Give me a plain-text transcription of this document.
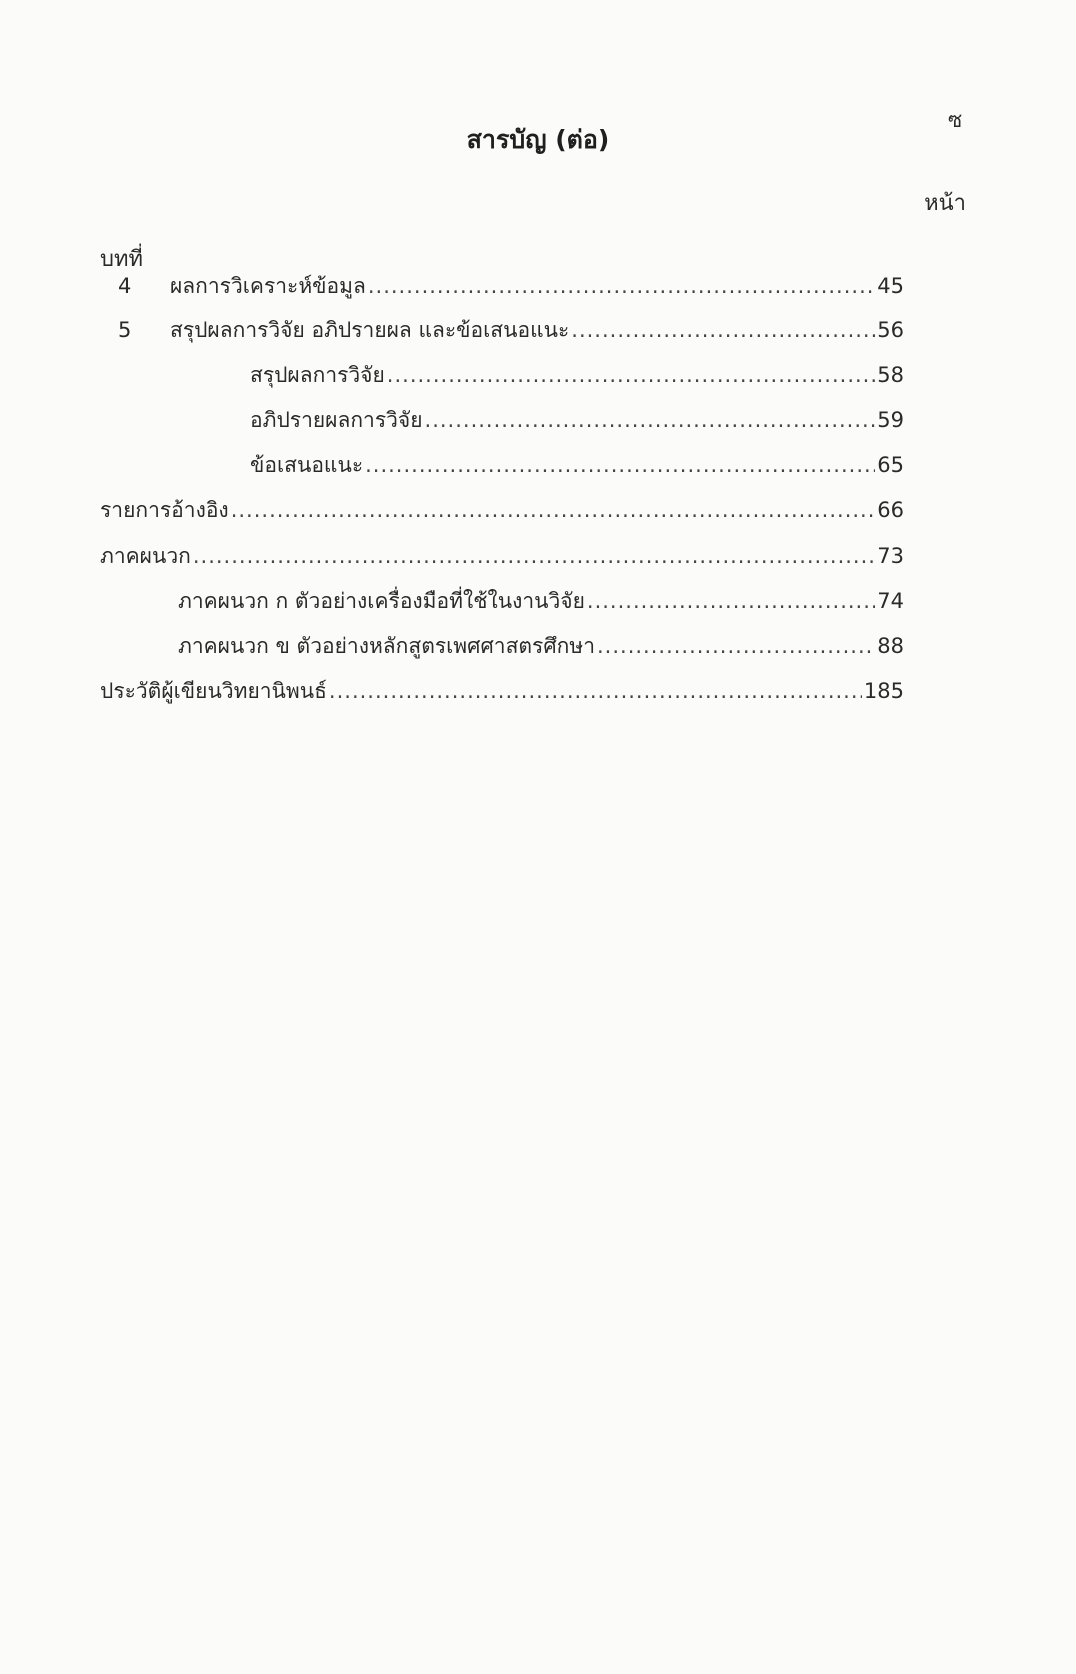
ซ
สารบัญ (ต่อ)
หน้า
บทที่
4	ผลการวิเคราะห์ข้อมูล .....	45
5	สรุปผลการวิจัย อภิปรายผล และข้อเสนอแนะ .....	56
สรุปผลการวิจัย .....	58
อภิปรายผลการวิจัย .....	59
ข้อเสนอแนะ .....	65
รายการอ้างอิง .....	66
ภาคผนวก .....	73
ภาคผนวก ก ตัวอย่างเครื่องมือที่ใช้ในงานวิจัย .....	74
ภาคผนวก ข ตัวอย่างหลักสูตรเพศศาสตรศึกษา .....	88
ประวัติผู้เขียนวิทยานิพนธ์ .....	185
